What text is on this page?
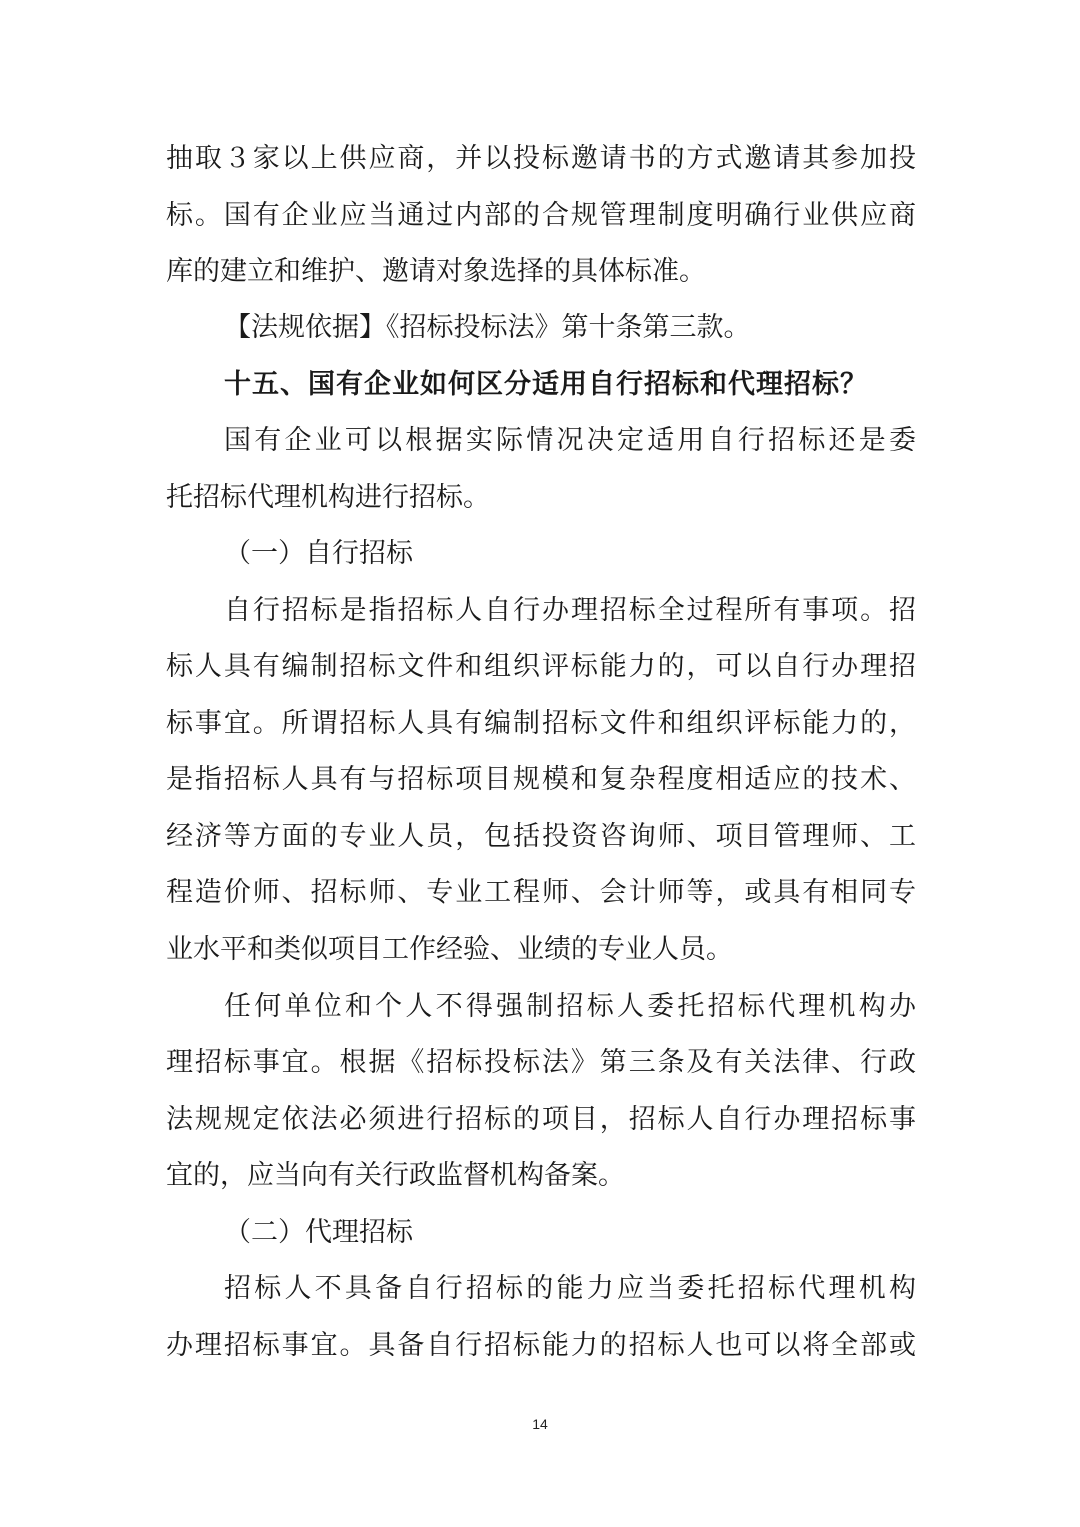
抽取３家以上供应商，并以投标邀请书的方式邀请其参加投
标。国有企业应当通过内部的合规管理制度明确行业供应商
库的建立和维护、邀请对象选择的具体标准。
【法规依据】《招标投标法》第十条第三款。
十五、国有企业如何区分适用自行招标和代理招标？
国有企业可以根据实际情况决定适用自行招标还是委
托招标代理机构进行招标。
（一）自行招标
自行招标是指招标人自行办理招标全过程所有事项。招
标人具有编制招标文件和组织评标能力的，可以自行办理招
标事宜。所谓招标人具有编制招标文件和组织评标能力的，
是指招标人具有与招标项目规模和复杂程度相适应的技术、
经济等方面的专业人员，包括投资咨询师、项目管理师、工
程造价师、招标师、专业工程师、会计师等，或具有相同专
业水平和类似项目工作经验、业绩的专业人员。
任何单位和个人不得强制招标人委托招标代理机构办
理招标事宜。根据《招标投标法》第三条及有关法律、行政
法规规定依法必须进行招标的项目，招标人自行办理招标事
宜的，应当向有关行政监督机构备案。
（二）代理招标
招标人不具备自行招标的能力应当委托招标代理机构
办理招标事宜。具备自行招标能力的招标人也可以将全部或
14
